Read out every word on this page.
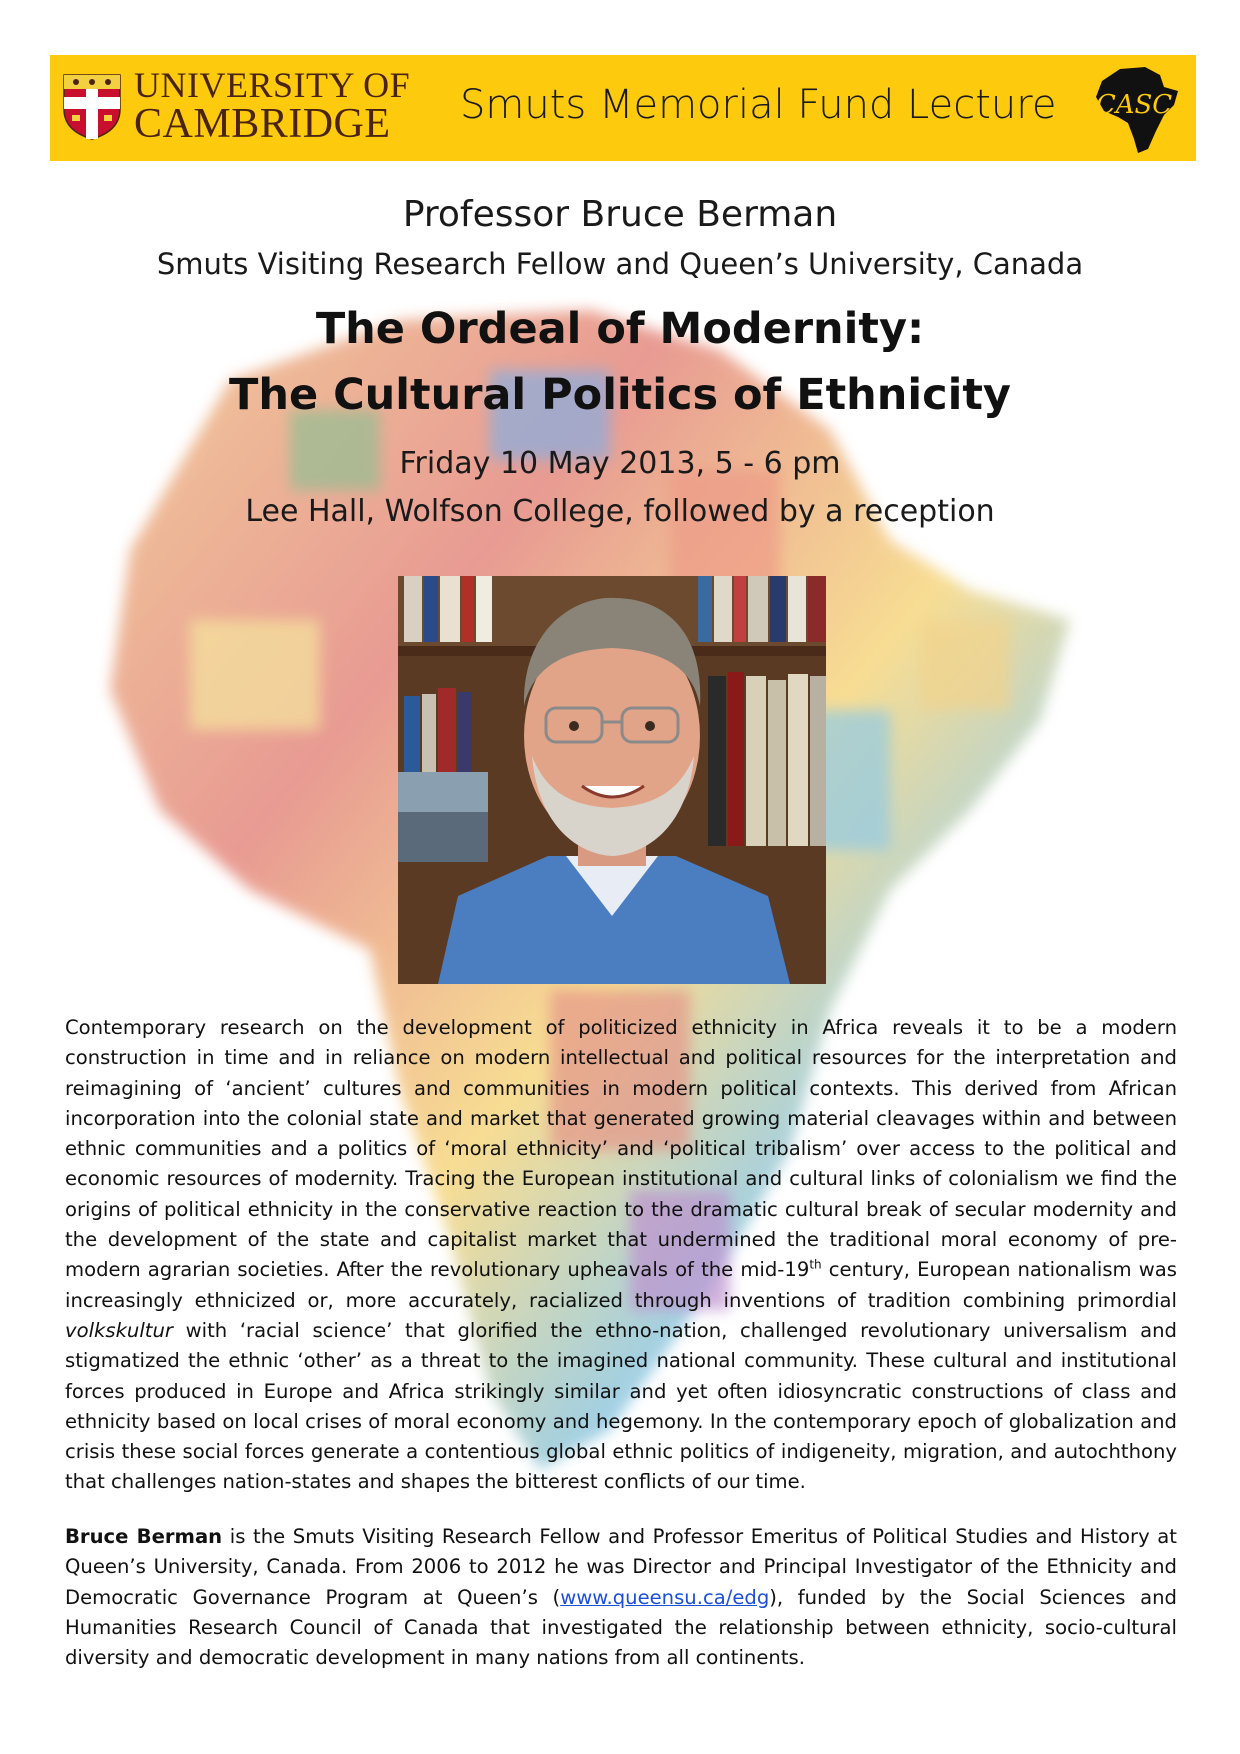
UNIVERSITY OF
CAMBRIDGE	Smuts Memorial Fund Lecture CASC
Professor Bruce Berman
Smuts Visiting Research Fellow and Queen’s University, Canada
The Ordeal of Modernity:
The Cultural Politics of Ethnicity
Friday 10 May 2013, 5 - 6 pm
Lee Hall, Wolfson College, followed by a reception

Contemporary research on the development of politicized ethnicity in Africa reveals it to be a modern construction in time and in reliance on modern intellectual and political resources for the interpretation and reimagining of ‘ancient’ cultures and communities in modern political contexts. This derived from African incorporation into the colonial state and market that generated growing material cleavages within and between ethnic communities and a politics of ‘moral ethnicity’ and ‘political tribalism’ over access to the political and economic resources of modernity. Tracing the European institutional and cultural links of colonialism we find the origins of political ethnicity in the conservative reaction to the dramatic cultural break of secular modernity and the development of the state and capitalist market that undermined the traditional moral economy of pre-modern agrarian societies. After the revolutionary upheavals of the mid-19th century, European nationalism was increasingly ethnicized or, more accurately, racialized through inventions of tradition combining primordial volkskultur with ‘racial science’ that glorified the ethno-nation, challenged revolutionary universalism and stigmatized the ethnic ‘other’ as a threat to the imagined national community. These cultural and institutional forces produced in Europe and Africa strikingly similar and yet often idiosyncratic constructions of class and ethnicity based on local crises of moral economy and hegemony. In the contemporary epoch of globalization and crisis these social forces generate a contentious global ethnic politics of indigeneity, migration, and autochthony that challenges nation-states and shapes the bitterest conflicts of our time.

Bruce Berman is the Smuts Visiting Research Fellow and Professor Emeritus of Political Studies and History at Queen’s University, Canada. From 2006 to 2012 he was Director and Principal Investigator of the Ethnicity and Democratic Governance Program at Queen’s (www.queensu.ca/edg), funded by the Social Sciences and Humanities Research Council of Canada that investigated the relationship between ethnicity, socio-cultural diversity and democratic development in many nations from all continents.
